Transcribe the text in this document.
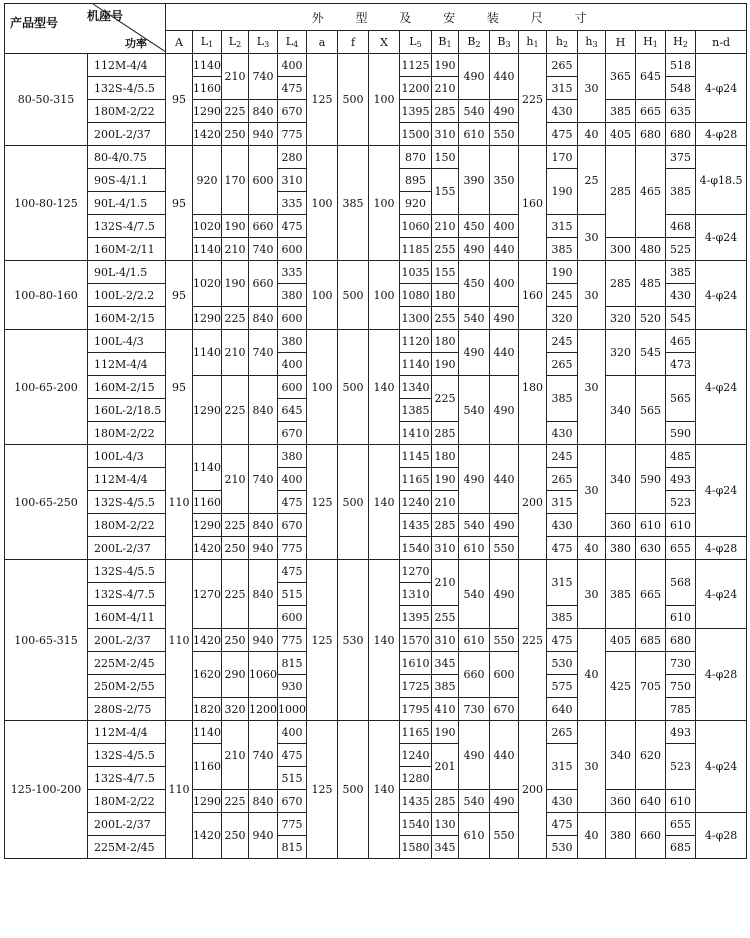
产品型号 机座号
功率		外 型 及 安 装 尺 寸																		
		A	$L_1$	$L_2$	$L_3$	$L_4$	a	f	X	$L_5$	$B_1$	$B_2$	$B_3$	$h_1$	$h_2$	$h_3$	H	$H_1$	$H_2$	n-d
80-50-315	112M-4/4	95	1140	210	740	400	125	500	100	1125	190	490	440	225	265	30	365	645	518	4-φ24
	132S-4/5.5		1160			475				1200	210				315				548	
	180M-2/22		1290	225	840	670				1395	285	540	490		430		385	665	635	
	200L-2/37		1420	250	940	775				1500	310	610	550		475	40	405	680	680	4-φ28
100-80-125	80-4/0.75	95	920	170	600	280	100	385	100	870	150	390	350	160	170	25	285	465	375	4-φ18.5
	90S-4/1.1					310				895	155				190				385	
	90L-4/1.5					335				920										
	132S-4/7.5		1020	190	660	475				1060	210	450	400		315	30			468	4-φ24
	160M-2/11		1140	210	740	600				1185	255	490	440		385		300	480	525	
100-80-160	90L-4/1.5	95	1020	190	660	335	100	500	100	1035	155	450	400	160	190	30	285	485	385	4-φ24
	100L-2/2.2					380				1080	180				245				430	
	160M-2/15		1290	225	840	600				1300	255	540	490		320		320	520	545	
100-65-200	100L-4/3	95	1140	210	740	380	100	500	140	1120	180	490	440	180	245	30	320	545	465	4-φ24
	112M-4/4					400				1140	190				265				473	
	160M-2/15		1290	225	840	600				1340	225	540	490		385		340	565	565	
	160L-2/18.5					645				1385										
	180M-2/22					670				1410	285				430				590	
100-65-250	100L-4/3	110	1140	210	740	380	125	500	140	1145	180	490	440	200	245	30	340	590	485	4-φ24
	112M-4/4					400				1165	190				265				493	
	132S-4/5.5		1160			475				1240	210				315				523	
	180M-2/22		1290	225	840	670				1435	285	540	490		430		360	610	610	
	200L-2/37		1420	250	940	775				1540	310	610	550		475	40	380	630	655	4-φ28
100-65-315	132S-4/5.5	110	1270	225	840	475	125	530	140	1270	210	540	490	225	315	30	385	665	568	4-φ24
	132S-4/7.5					515				1310										
	160M-4/11					600				1395	255				385				610	
	200L-2/37		1420	250	940	775				1570	310	610	550		475	40	405	685	680	4-φ28
	225M-2/45		1620	290	1060	815				1610	345	660	600		530		425	705	730	
	250M-2/55					930				1725	385				575				750	
	280S-2/75		1820	320	1200	1000				1795	410	730	670		640				785	
125-100-200	112M-4/4	110	1140	210	740	400	125	500	140	1165	190	490	440	200	265	30	340	620	493	4-φ24
	132S-4/5.5		1160			475				1240	201				315				523	
	132S-4/7.5					515				1280										
	180M-2/22		1290	225	840	670				1435	285	540	490		430		360	640	610	
	200L-2/37		1420	250	940	775				1540	130	610	550		475	40	380	660	655	4-φ28
	225M-2/45					815				1580	345				530				685	
